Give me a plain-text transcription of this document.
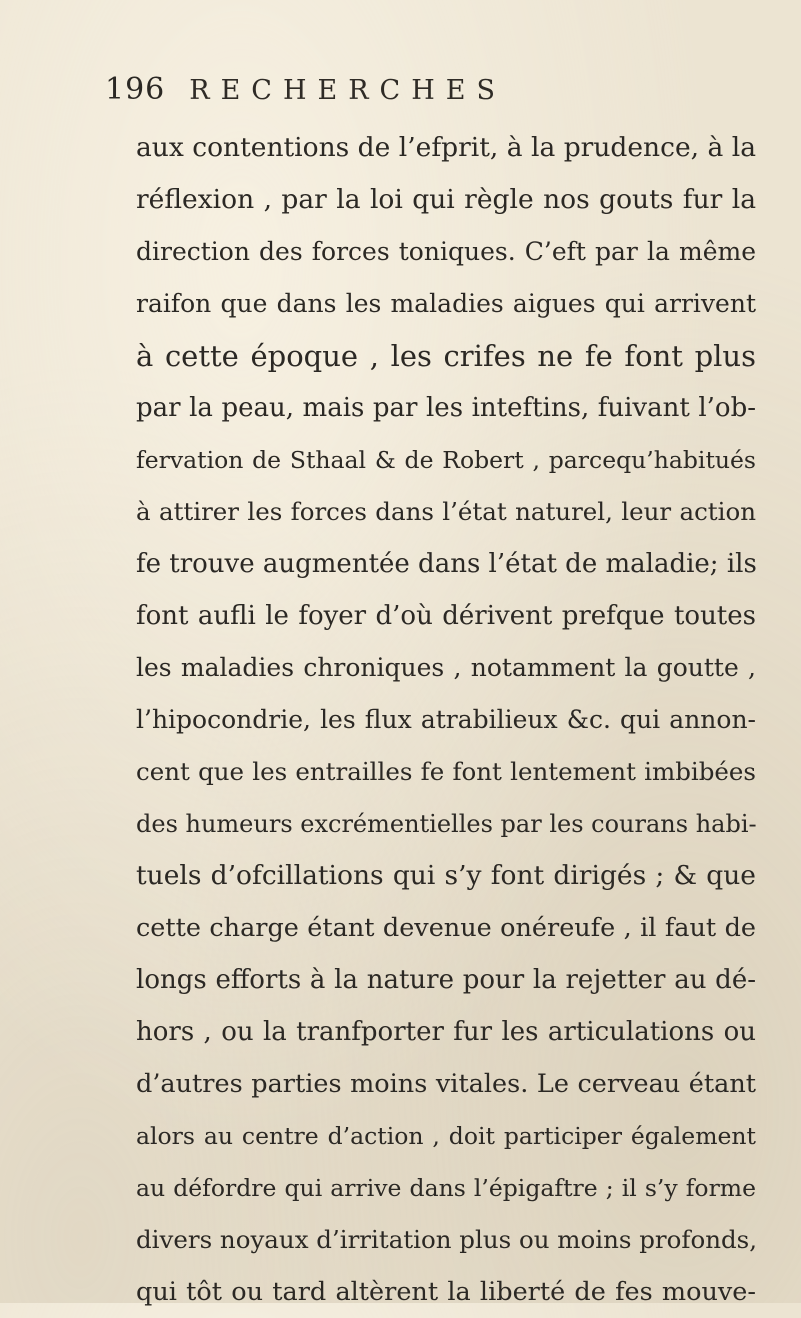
196 RECHERCHES
aux contentions de l’efprit, à la prudence, à la
réflexion , par la loi qui règle nos gouts fur la
direction des forces toniques. C’eft par la même
raifon que dans les maladies aigues qui arrivent
à cette époque , les crifes ne fe font plus
par la peau, mais par les inteftins, fuivant l’ob-
fervation de Sthaal & de Robert , parcequ’habitués
à attirer les forces dans l’état naturel, leur action
fe trouve augmentée dans l’état de maladie; ils
font aufli le foyer d’où dérivent prefque toutes
les maladies chroniques , notamment la goutte ,
l’hipocondrie, les flux atrabilieux &c. qui annon-
cent que les entrailles fe font lentement imbibées
des humeurs excrémentielles par les courans habi-
tuels d’ofcillations qui s’y font dirigés ; & que
cette charge étant devenue onéreufe , il faut de
longs efforts à la nature pour la rejetter au dé-
hors , ou la tranfporter fur les articulations ou
d’autres parties moins vitales. Le cerveau étant
alors au centre d’action , doit participer également
au défordre qui arrive dans l’épigaftre ; il s’y forme
divers noyaux d’irritation plus ou moins profonds,
qui tôt ou tard altèrent la liberté de fes mouve-
